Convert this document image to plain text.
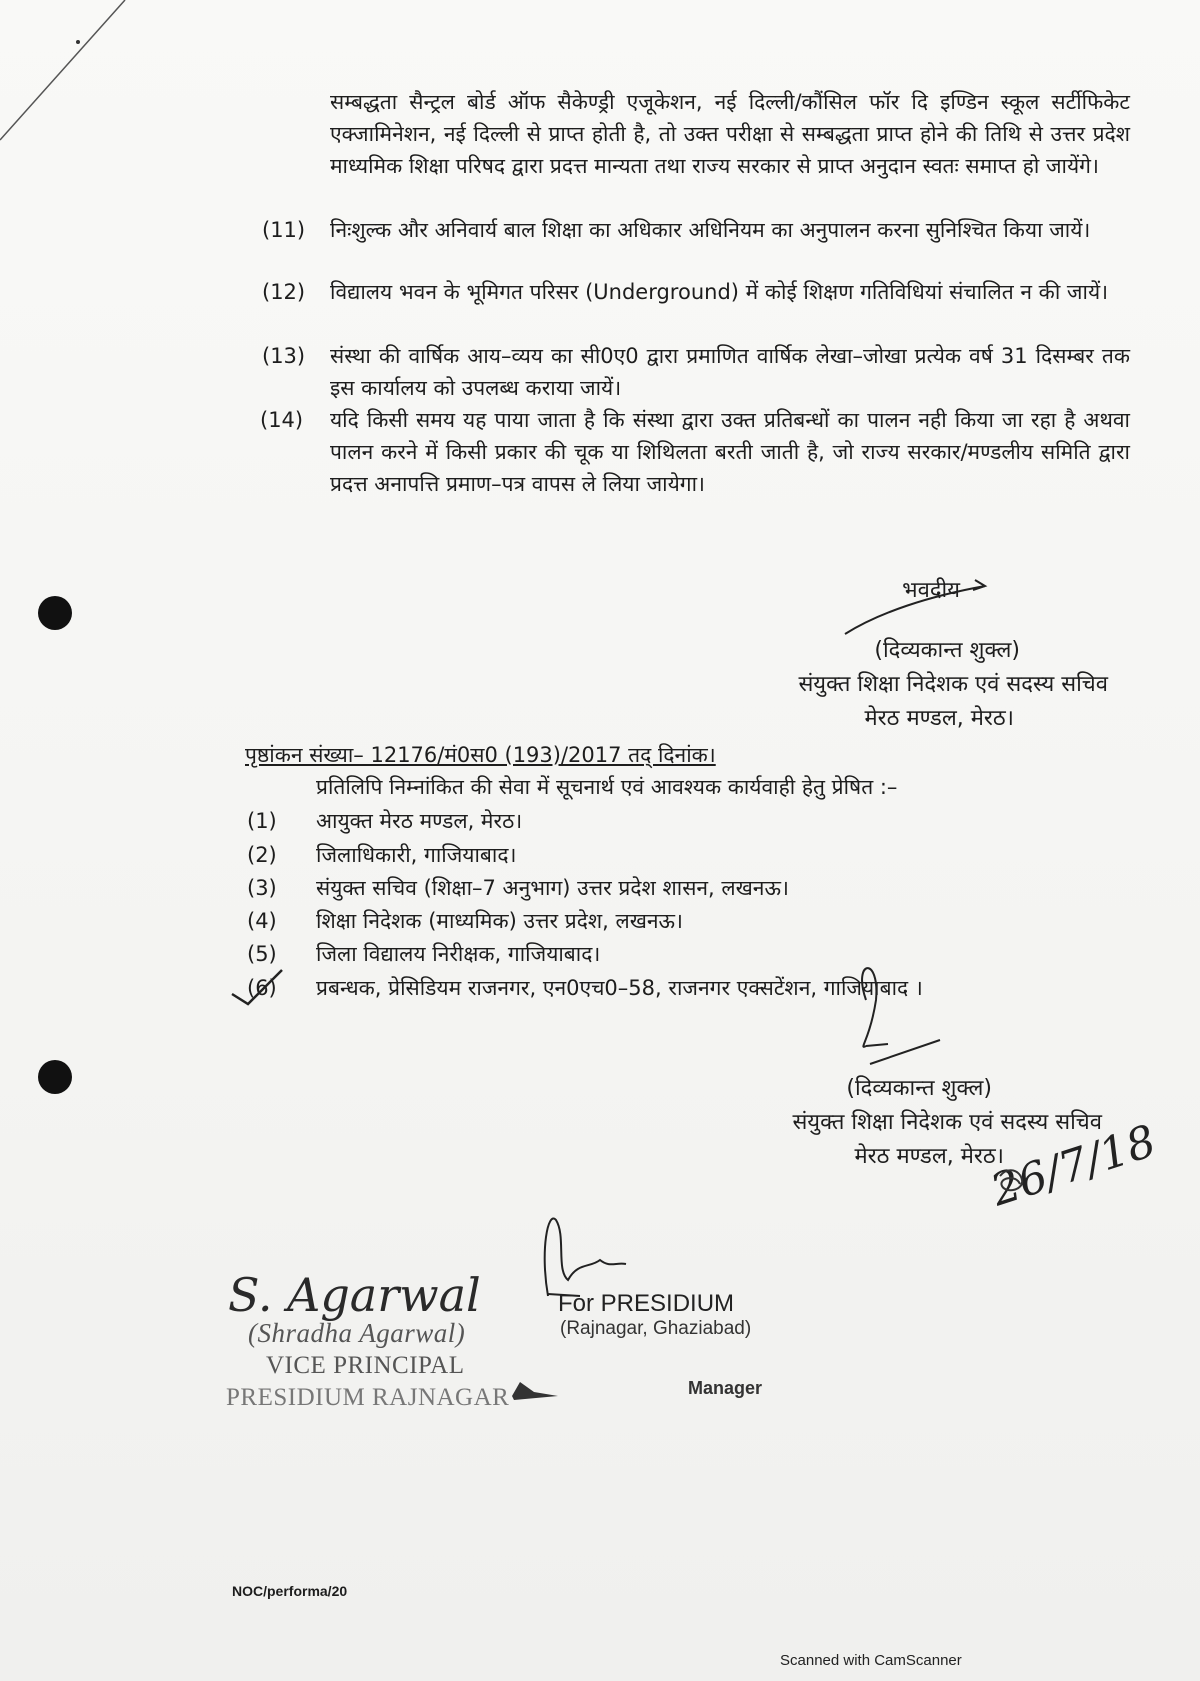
सम्बद्धता सैन्ट्रल बोर्ड ऑफ सैकेण्ड्री एजूकेशन, नई दिल्ली/कौंसिल फॉर दि इण्डिन स्कूल सर्टीफिकेट एक्जामिनेशन, नई दिल्ली से प्राप्त होती है, तो उक्त परीक्षा से सम्बद्धता प्राप्त होने की तिथि से उत्तर प्रदेश माध्यमिक शिक्षा परिषद द्वारा प्रदत्त मान्यता तथा राज्य सरकार से प्राप्त अनुदान स्वतः समाप्त हो जायेंगे।

(11) निःशुल्क और अनिवार्य बाल शिक्षा का अधिकार अधिनियम का अनुपालन करना सुनिश्चित किया जायें।

(12) विद्यालय भवन के भूमिगत परिसर (Underground) में कोई शिक्षण गतिविधियां संचालित न की जायें।

(13) संस्था की वार्षिक आय–व्यय का सी0ए0 द्वारा प्रमाणित वार्षिक लेखा–जोखा प्रत्येक वर्ष 31 दिसम्बर तक इस कार्यालय को उपलब्ध कराया जायें।

(14) यदि किसी समय यह पाया जाता है कि संस्था द्वारा उक्त प्रतिबन्धों का पालन नही किया जा रहा है अथवा पालन करने में किसी प्रकार की चूक या शिथिलता बरती जाती है, जो राज्य सरकार/मण्डलीय समिति द्वारा प्रदत्त अनापत्ति प्रमाण–पत्र वापस ले लिया जायेगा।

भवदीय

(दिव्यकान्त शुक्ल)

संयुक्त शिक्षा निदेशक एवं सदस्य सचिव

मेरठ मण्डल, मेरठ।

पृष्ठांकन संख्या– 12176/मं0स0 (193)/2017 तद् दिनांक।

प्रतिलिपि निम्नांकित की सेवा में सूचनार्थ एवं आवश्यक कार्यवाही हेतु प्रेषित :–

(1) आयुक्त मेरठ मण्डल, मेरठ।

(2) जिलाधिकारी, गाजियाबाद।

(3) संयुक्त सचिव (शिक्षा–7 अनुभाग) उत्तर प्रदेश शासन, लखनऊ।

(4) शिक्षा निदेशक (माध्यमिक) उत्तर प्रदेश, लखनऊ।

(5) जिला विद्यालय निरीक्षक, गाजियाबाद।

(6) प्रबन्धक, प्रेसिडियम राजनगर, एन0एच0–58, राजनगर एक्सटेंशन, गाजियाबाद ।

(दिव्यकान्त शुक्ल)

संयुक्त शिक्षा निदेशक एवं सदस्य सचिव

मेरठ मण्डल, मेरठ।

26/7/18

S. Agarwal

(Shradha Agarwal)

VICE PRINCIPAL

PRESIDIUM RAJNAGAR

For PRESIDIUM

(Rajnagar, Ghaziabad)

Manager

NOC/performa/20

Scanned with CamScanner
